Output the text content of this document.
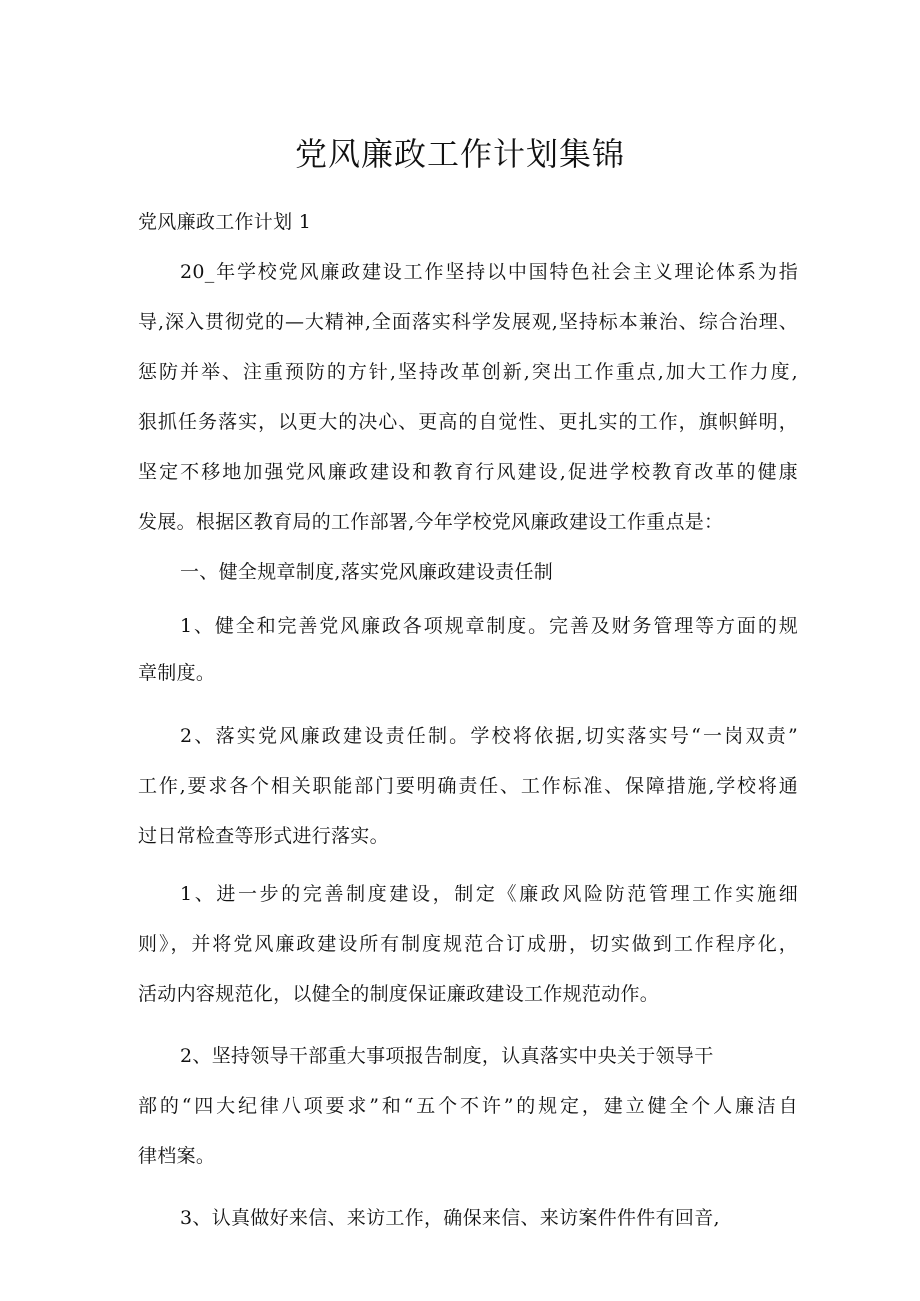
党风廉政工作计划集锦

党风廉政工作计划 1

20_年学校党风廉政建设工作坚持以中国特色社会主义理论体系为指

导,深入贯彻党的—大精神,全面落实科学发展观,坚持标本兼治、综合治理、

惩防并举、注重预防的方针,坚持改革创新,突出工作重点,加大工作力度,

狠抓任务落实，以更大的决心、更高的自觉性、更扎实的工作，旗帜鲜明，

坚定不移地加强党风廉政建设和教育行风建设,促进学校教育改革的健康

发展。根据区教育局的工作部署,今年学校党风廉政建设工作重点是：

一、健全规章制度,落实党风廉政建设责任制

1、健全和完善党风廉政各项规章制度。完善及财务管理等方面的规

章制度。

2、落实党风廉政建设责任制。学校将依据,切实落实号“一岗双责”

工作,要求各个相关职能部门要明确责任、工作标准、保障措施,学校将通

过日常检查等形式进行落实。

1、进一步的完善制度建设，制定《廉政风险防范管理工作实施细

则》，并将党风廉政建设所有制度规范合订成册，切实做到工作程序化，

活动内容规范化，以健全的制度保证廉政建设工作规范动作。

2、坚持领导干部重大事项报告制度，认真落实中央关于领导干

部的“四大纪律八项要求”和“五个不许”的规定，建立健全个人廉洁自

律档案。

3、认真做好来信、来访工作，确保来信、来访案件件件有回音,
